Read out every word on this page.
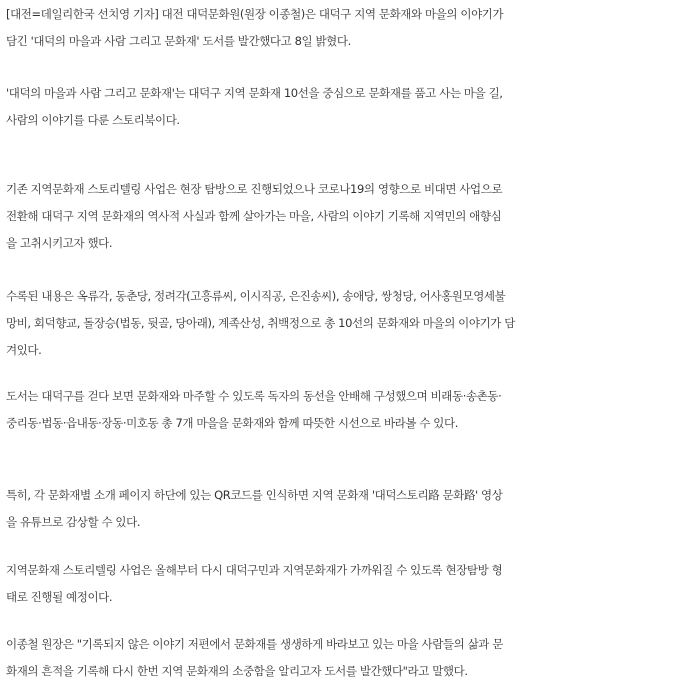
[대전=데일리한국 선치영 기자] 대전 대덕문화원(원장 이종철)은 대덕구 지역 문화재와 마을의 이야기가
담긴 '대덕의 마을과 사람 그리고 문화재' 도서를 발간했다고 8일 밝혔다.

'대덕의 마을과 사람 그리고 문화재'는 대덕구 지역 문화재 10선을 중심으로 문화재를 품고 사는 마을 길,
사람의 이야기를 다룬 스토리북이다.

기존 지역문화재 스토리텔링 사업은 현장 탐방으로 진행되었으나 코로나19의 영향으로 비대면 사업으로
전환해 대덕구 지역 문화재의 역사적 사실과 함께 살아가는 마을, 사람의 이야기 기록해 지역민의 애향심
을 고취시키고자 했다.

수록된 내용은 옥류각, 동춘당, 정려각(고흥류씨, 이시직공, 은진송씨), 송애당, 쌍청당, 어사홍원모영세불
망비, 회덕향교, 돌장승(법동, 뒷골, 당아래), 계족산성, 취백정으로 총 10선의 문화재와 마을의 이야기가 담
겨있다.

도서는 대덕구를 걷다 보면 문화재와 마주할 수 있도록 독자의 동선을 안배해 구성했으며 비래동·송촌동·
중리동·법동·읍내동·장동·미호동 총 7개 마을을 문화재와 함께 따뜻한 시선으로 바라볼 수 있다.

특히, 각 문화재별 소개 페이지 하단에 있는 QR코드를 인식하면 지역 문화재 '대덕스토리路 문화路' 영상
을 유튜브로 감상할 수 있다.

지역문화재 스토리텔링 사업은 올해부터 다시 대덕구민과 지역문화재가 가까워질 수 있도록 현장탐방 형
태로 진행될 예정이다.

이종철 원장은 "기록되지 않은 이야기 저편에서 문화재를 생생하게 바라보고 있는 마을 사람들의 삶과 문
화재의 흔적을 기록해 다시 한번 지역 문화재의 소중함을 알리고자 도서를 발간했다"라고 말했다.
